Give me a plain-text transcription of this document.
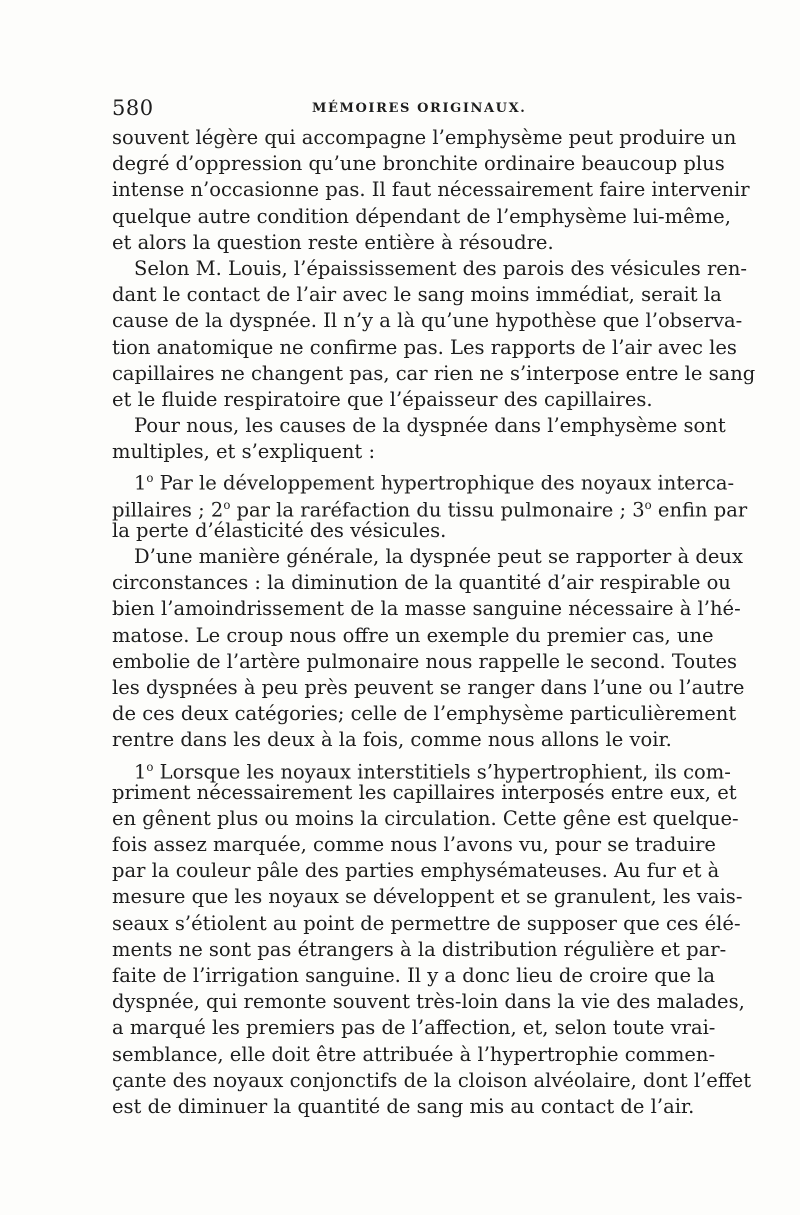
580	MÉMOIRES ORIGINAUX.
souvent légère qui accompagne l’emphysème peut produire un
degré d’oppression qu’une bronchite ordinaire beaucoup plus
intense n’occasionne pas. Il faut nécessairement faire intervenir
quelque autre condition dépendant de l’emphysème lui-même,
et alors la question reste entière à résoudre.
Selon M. Louis, l’épaississement des parois des vésicules ren-
dant le contact de l’air avec le sang moins immédiat, serait la
cause de la dyspnée. Il n’y a là qu’une hypothèse que l’observa-
tion anatomique ne confirme pas. Les rapports de l’air avec les
capillaires ne changent pas, car rien ne s’interpose entre le sang
et le fluide respiratoire que l’épaisseur des capillaires.
Pour nous, les causes de la dyspnée dans l’emphysème sont
multiples, et s’expliquent :
1$^o$ Par le développement hypertrophique des noyaux interca-
pillaires ; 2$^o$ par la raréfaction du tissu pulmonaire ; 3$^o$ enfin par
la perte d’élasticité des vésicules.
D’une manière générale, la dyspnée peut se rapporter à deux
circonstances : la diminution de la quantité d’air respirable ou
bien l’amoindrissement de la masse sanguine nécessaire à l’hé-
matose. Le croup nous offre un exemple du premier cas, une
embolie de l’artère pulmonaire nous rappelle le second. Toutes
les dyspnées à peu près peuvent se ranger dans l’une ou l’autre
de ces deux catégories; celle de l’emphysème particulièrement
rentre dans les deux à la fois, comme nous allons le voir.
1$^o$ Lorsque les noyaux interstitiels s’hypertrophient, ils com-
priment nécessairement les capillaires interposés entre eux, et
en gênent plus ou moins la circulation. Cette gêne est quelque-
fois assez marquée, comme nous l’avons vu, pour se traduire
par la couleur pâle des parties emphysémateuses. Au fur et à
mesure que les noyaux se développent et se granulent, les vais-
seaux s’étiolent au point de permettre de supposer que ces élé-
ments ne sont pas étrangers à la distribution régulière et par-
faite de l’irrigation sanguine. Il y a donc lieu de croire que la
dyspnée, qui remonte souvent très-loin dans la vie des malades,
a marqué les premiers pas de l’affection, et, selon toute vrai-
semblance, elle doit être attribuée à l’hypertrophie commen-
çante des noyaux conjonctifs de la cloison alvéolaire, dont l’effet
est de diminuer la quantité de sang mis au contact de l’air.
